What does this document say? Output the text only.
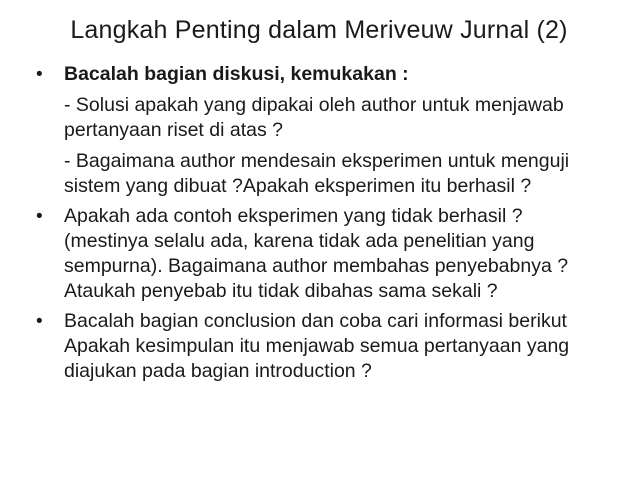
Langkah Penting dalam Meriveuw Jurnal (2)
•	Bacalah bagian diskusi, kemukakan :
- Solusi apakah yang dipakai oleh author untuk menjawab pertanyaan riset di atas ?
- Bagaimana author mendesain eksperimen untuk menguji sistem yang dibuat ?Apakah eksperimen itu berhasil ?
•	Apakah ada contoh eksperimen yang tidak berhasil ? (mestinya selalu ada, karena tidak ada penelitian yang sempurna). Bagaimana author membahas penyebabnya ? Ataukah penyebab itu tidak dibahas sama sekali ?
•	Bacalah bagian conclusion dan coba cari informasi berikut Apakah kesimpulan itu menjawab semua pertanyaan yang diajukan pada bagian introduction ?
